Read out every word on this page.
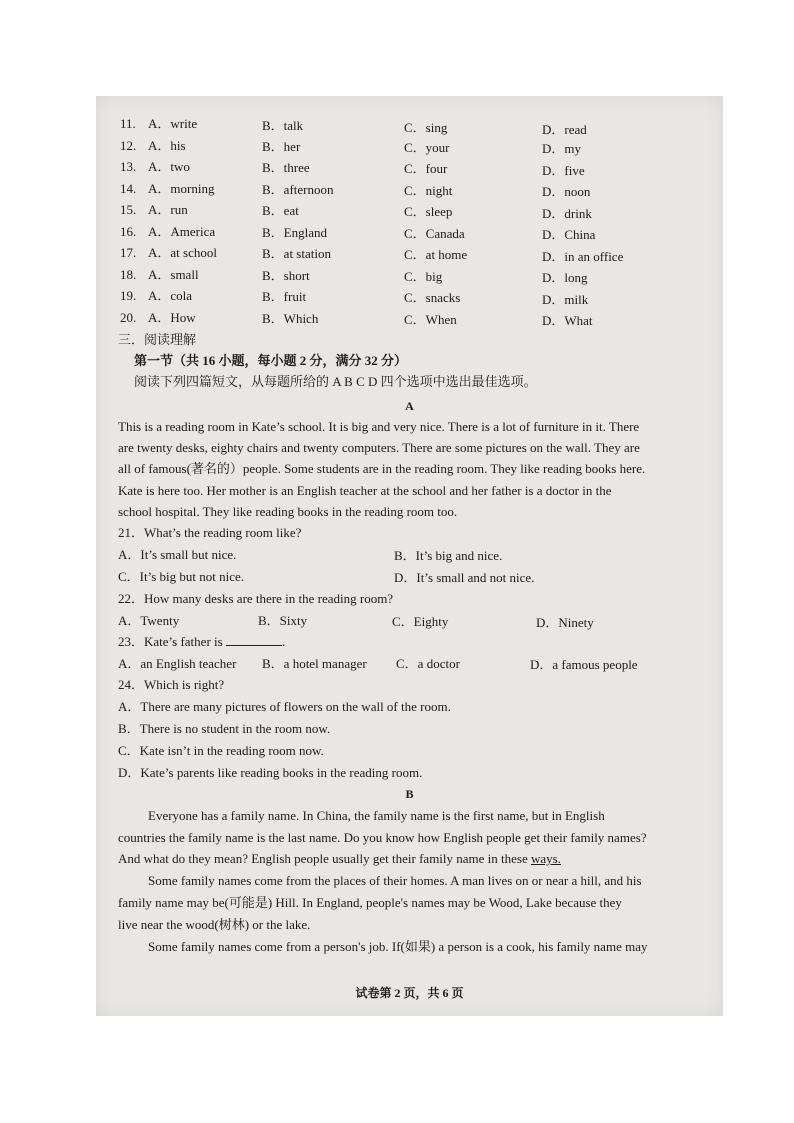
11. A．write	B．talk	C．sing	D．read
12. A．his	B．her	C．your	D．my
13. A．two	B．three	C．four	D．five
14. A．morning	B．afternoon	C．night	D．noon
15. A．run	B．eat	C．sleep	D．drink
16. A．America	B．England	C．Canada	D．China
17. A．at school	B．at station	C．at home	D．in an office
18. A．small	B．short	C．big	D．long
19. A．cola	B．fruit	C．snacks	D．milk
20. A．How	B．Which	C．When	D．What
三．阅读理解
第一节（共 16 小题，每小题 2 分，满分 32 分）
阅读下列四篇短文，从每题所给的 A B C D 四个选项中选出最佳选项。
A
This is a reading room in Kate’s school. It is big and very nice. There is a lot of furniture in it. There
are twenty desks, eighty chairs and twenty computers. There are some pictures on the wall. They are
all of famous(著名的）people. Some students are in the reading room. They like reading books here.
Kate is here too. Her mother is an English teacher at the school and her father is a doctor in the
school hospital. They like reading books in the reading room too.
21．What’s the reading room like?
A．It’s small but nice.	B．It’s big and nice.
C．It’s big but not nice.	D．It’s small and not nice.
22．How many desks are there in the reading room?
A．Twenty	B．Sixty	C．Eighty	D．Ninety
23．Kate’s father is	.
A．an English teacher B．a hotel manager C．a doctor	D．a famous people
24．Which is right?
A．There are many pictures of flowers on the wall of the room.
B．There is no student in the room now.
C．Kate isn’t in the reading room now.
D．Kate’s parents like reading books in the reading room.
B
Everyone has a family name. In China, the family name is the first name, but in English
countries the family name is the last name. Do you know how English people get their family names?
And what do they mean? English people usually get their family name in these ways.
Some family names come from the places of their homes. A man lives on or near a hill, and his
family name may be(可能是) Hill. In England, people's names may be Wood, Lake because they
live near the wood(树林) or the lake.
Some family names come from a person's job. If(如果) a person is a cook, his family name may
试卷第 2 页，共 6 页
